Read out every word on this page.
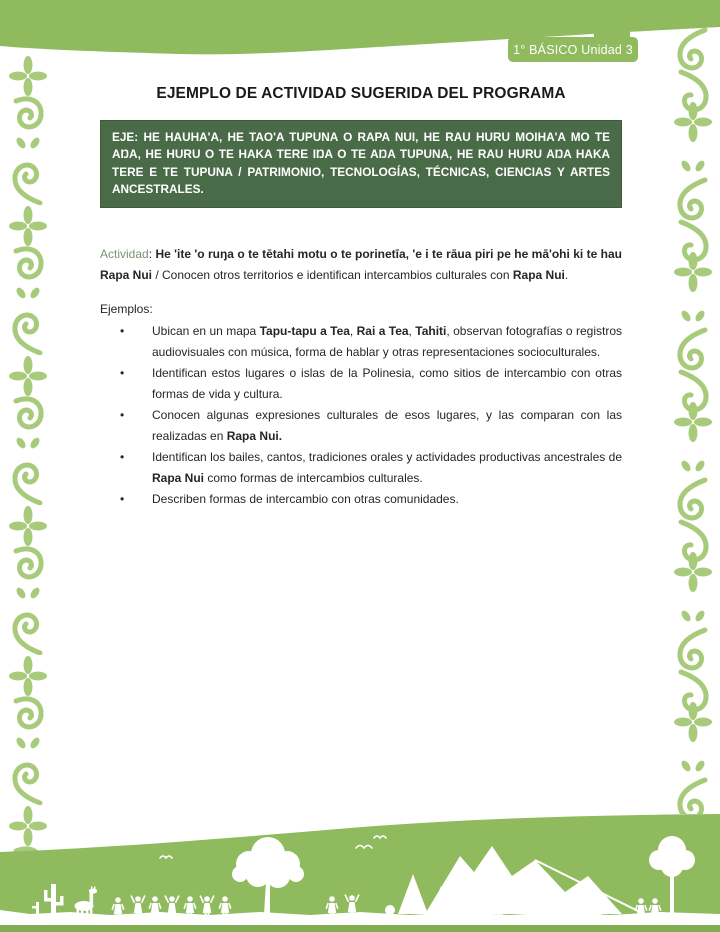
1° BÁSICO Unidad 3
EJEMPLO DE ACTIVIDAD SUGERIDA DEL PROGRAMA
EJE: HE HAUHA'A, HE TAO'A TUPUNA O RAPA NUI, HE RAU HURU MOIHA'A MO TE AŊA, HE HURU O TE HAKA TERE IŊA O TE AŊA TUPUNA, HE RAU HURU AŊA HAKA TERE E TE TUPUNA / PATRIMONIO, TECNOLOGÍAS, TÉCNICAS, CIENCIAS Y ARTES ANCESTRALES.

Actividad: He 'ite 'o ruŋa o te tētahi motu o te porinetīa, 'e i te rāua piri pe he mā'ohi ki te hau Rapa Nui / Conocen otros territorios e identifican intercambios culturales con Rapa Nui.

Ejemplos:

•	Ubican en un mapa Tapu-tapu a Tea, Rai a Tea, Tahiti, observan fotografías o registros audiovisuales con música, forma de hablar y otras representaciones socioculturales.
•	Identifican estos lugares o islas de la Polinesia, como sitios de intercambio con otras formas de vida y cultura.
•	Conocen algunas expresiones culturales de esos lugares, y las comparan con las realizadas en Rapa Nui.
•	Identifican los bailes, cantos, tradiciones orales y actividades productivas ancestrales de Rapa Nui como formas de intercambios culturales.
•	Describen formas de intercambio con otras comunidades.
